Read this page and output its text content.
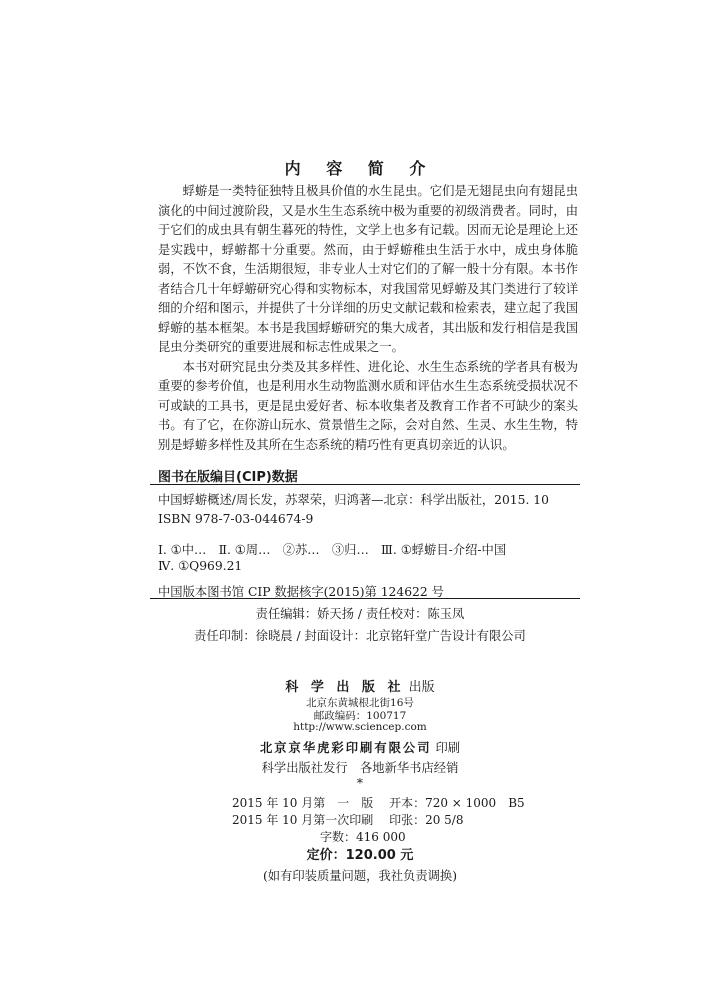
内 容 简 介

蜉蝣是一类特征独特且极具价值的水生昆虫。它们是无翅昆虫向有翅昆虫演化的中间过渡阶段，又是水生生态系统中极为重要的初级消费者。同时，由于它们的成虫具有朝生暮死的特性，文学上也多有记载。因而无论是理论上还是实践中，蜉蝣都十分重要。然而，由于蜉蝣稚虫生活于水中，成虫身体脆弱，不饮不食，生活期很短，非专业人士对它们的了解一般十分有限。本书作者结合几十年蜉蝣研究心得和实物标本，对我国常见蜉蝣及其门类进行了较详细的介绍和图示，并提供了十分详细的历史文献记载和检索表，建立起了我国蜉蝣的基本框架。本书是我国蜉蝣研究的集大成者，其出版和发行相信是我国昆虫分类研究的重要进展和标志性成果之一。

本书对研究昆虫分类及其多样性、进化论、水生生态系统的学者具有极为重要的参考价值，也是利用水生动物监测水质和评估水生生态系统受损状况不可或缺的工具书，更是昆虫爱好者、标本收集者及教育工作者不可缺少的案头书。有了它，在你游山玩水、赏景惜生之际，会对自然、生灵、水生生物，特别是蜉蝣多样性及其所在生态系统的精巧性有更真切亲近的认识。

图书在版编目(CIP)数据
中国蜉蝣概述/周长发，苏翠荣，归鸿著—北京：科学出版社，2015. 10
ISBN 978-7-03-044674-9
Ⅰ. ①中…　Ⅱ. ①周…　②苏…　③归…　Ⅲ. ①蜉蝣目-介绍-中国
Ⅳ. ①Q969.21
中国版本图书馆 CIP 数据核字(2015)第 124622 号
责任编辑：娇天扬 / 责任校对：陈玉凤
责任印制：徐晓晨 / 封面设计：北京铭轩堂广告设计有限公司
科 学 出 版 社 出版
北京东黄城根北街16号
邮政编码：100717
http://www.sciencep.com
北京京华虎彩印刷有限公司 印刷
科学出版社发行　各地新华书店经销
*
2015 年 10 月第　一　版　 开本：720 × 1000　B5
2015 年 10 月第一次印刷　 印张：20 5/8
字数：416 000
定价：120.00 元
(如有印装质量问题，我社负责调换)
